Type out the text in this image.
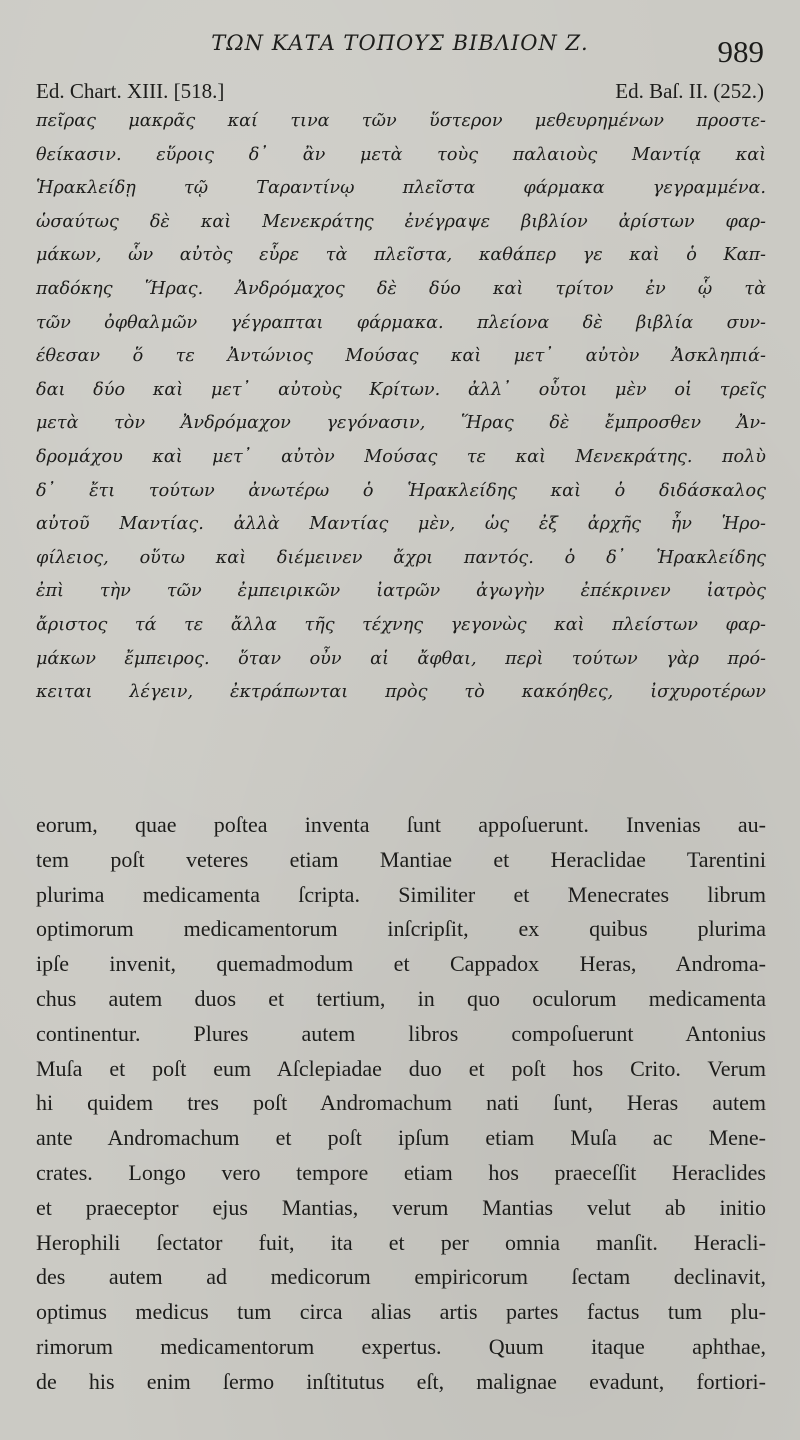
ΤΩΝ ΚΑΤΑ ΤΟΠΟΥΣ ΒΙΒΛΙΟΝ Ζ.	989
Ed. Chart. XIII. [518.]	Ed. Baſ. II. (252.)
πεῖρας μακρᾶς καί τινα τῶν ὕστερον μεθευρημένων προστε-
θείκασιν. εὕροις δ᾽ ἂν μετὰ τοὺς παλαιοὺς Μαντίᾳ καὶ
Ἡρακλείδῃ τῷ Ταραντίνῳ πλεῖστα φάρμακα γεγραμμένα.
ὡσαύτως δὲ καὶ Μενεκράτης ἐνέγραψε βιβλίον ἀρίστων φαρ-
μάκων, ὧν αὐτὸς εὗρε τὰ πλεῖστα, καθάπερ γε καὶ ὁ Καπ-
παδόκης Ἥρας. Ἀνδρόμαχος δὲ δύο καὶ τρίτον ἐν ᾧ τὰ
τῶν ὀφθαλμῶν γέγραπται φάρμακα. πλείονα δὲ βιβλία συν-
έθεσαν ὅ τε Ἀντώνιος Μούσας καὶ μετ᾽ αὐτὸν Ἀσκληπιά-
δαι δύο καὶ μετ᾽ αὐτοὺς Κρίτων. ἀλλ᾽ οὗτοι μὲν οἱ τρεῖς
μετὰ τὸν Ἀνδρόμαχον γεγόνασιν, Ἥρας δὲ ἔμπροσθεν Ἀν-
δρομάχου καὶ μετ᾽ αὐτὸν Μούσας τε καὶ Μενεκράτης. πολὺ
δ᾽ ἔτι τούτων ἀνωτέρω ὁ Ἡρακλείδης καὶ ὁ διδάσκαλος
αὐτοῦ Μαντίας. ἀλλὰ Μαντίας μὲν, ὡς ἐξ ἀρχῆς ἦν Ἡρο-
φίλειος, οὕτω καὶ διέμεινεν ἄχρι παντός. ὁ δ᾽ Ἡρακλείδης
ἐπὶ τὴν τῶν ἐμπειρικῶν ἰατρῶν ἀγωγὴν ἐπέκρινεν ἰατρὸς
ἄριστος τά τε ἄλλα τῆς τέχνης γεγονὼς καὶ πλείστων φαρ-
μάκων ἔμπειρος. ὅταν οὖν αἱ ἄφθαι, περὶ τούτων γὰρ πρό-
κειται λέγειν, ἐκτράπωνται πρὸς τὸ κακόηθες, ἰσχυροτέρων
eorum, quae poſtea inventa ſunt appoſuerunt. Invenias au-
tem poſt veteres etiam Mantiae et Heraclidae Tarentini
plurima medicamenta ſcripta. Similiter et Menecrates librum
optimorum medicamentorum inſcripſit, ex quibus plurima
ipſe invenit, quemadmodum et Cappadox Heras, Androma-
chus autem duos et tertium, in quo oculorum medicamenta
continentur. Plures autem libros compoſuerunt Antonius
Muſa et poſt eum Aſclepiadae duo et poſt hos Crito. Verum
hi quidem tres poſt Andromachum nati ſunt, Heras autem
ante Andromachum et poſt ipſum etiam Muſa ac Mene-
crates. Longo vero tempore etiam hos praeceſſit Heraclides
et praeceptor ejus Mantias, verum Mantias velut ab initio
Herophili ſectator fuit, ita et per omnia manſit. Heracli-
des autem ad medicorum empiricorum ſectam declinavit,
optimus medicus tum circa alias artis partes factus tum plu-
rimorum medicamentorum expertus. Quum itaque aphthae,
de his enim ſermo inſtitutus eſt, malignae evadunt, fortiori-
